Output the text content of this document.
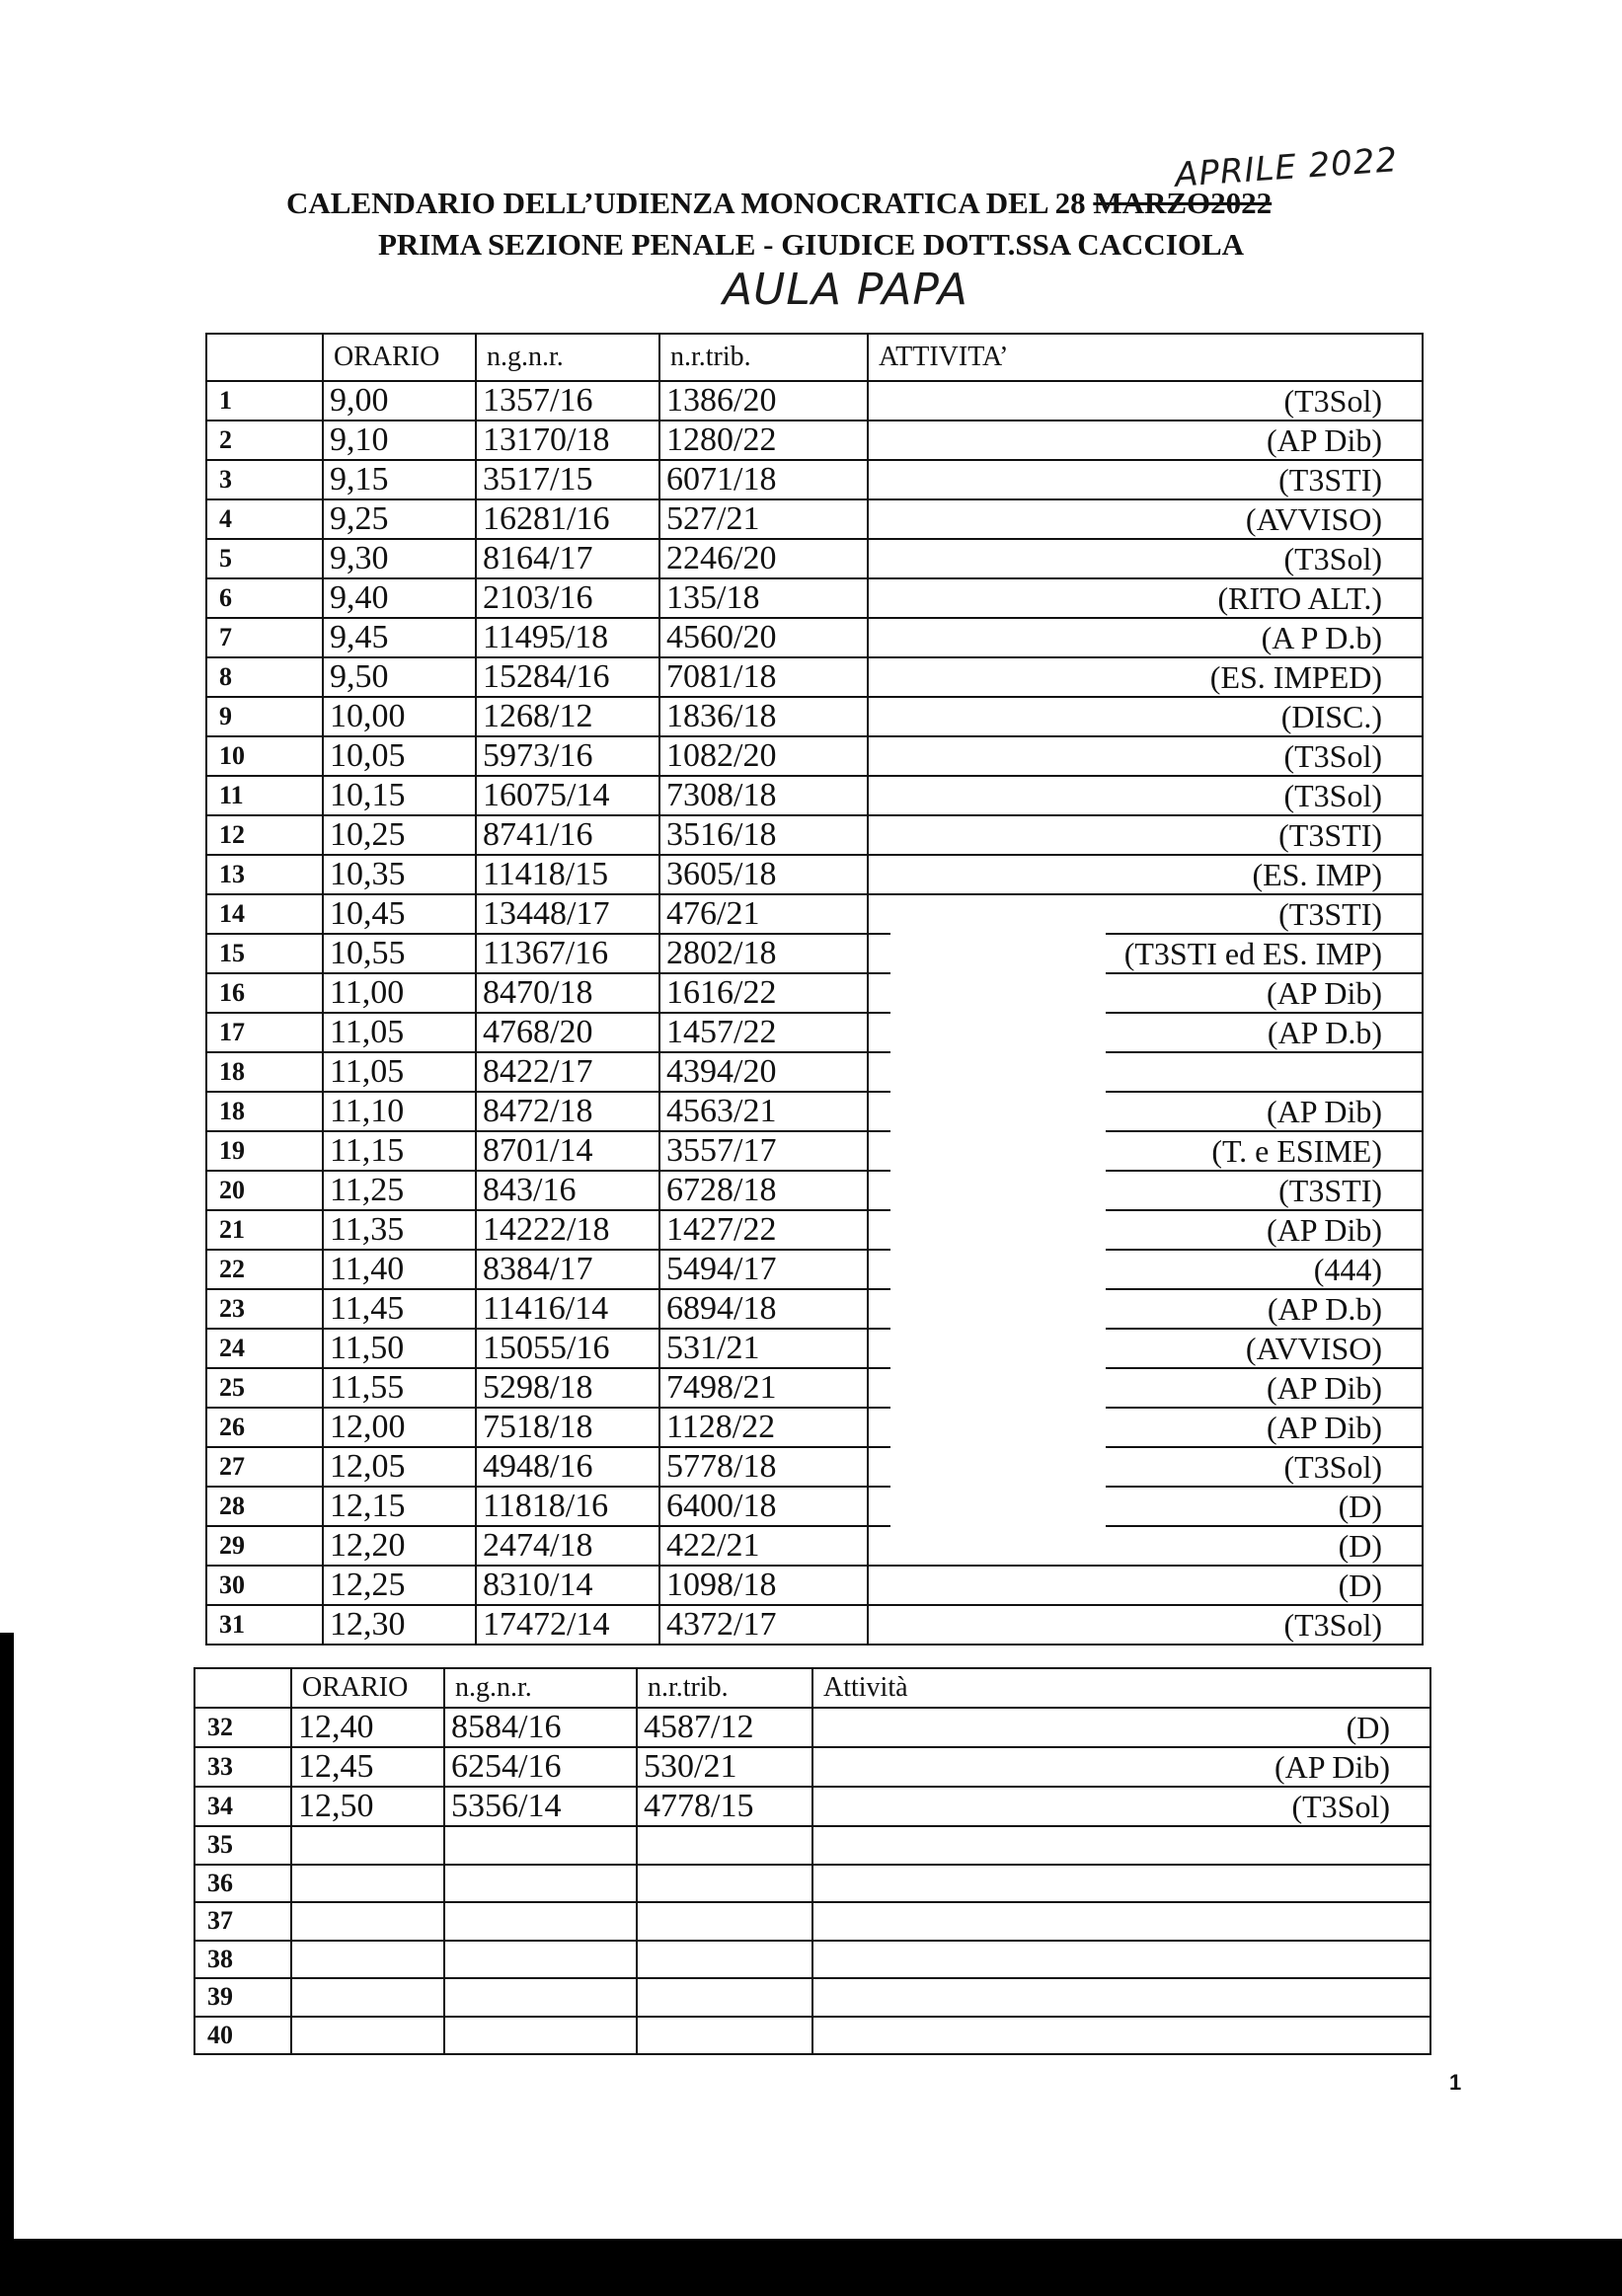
CALENDARIO DELL’UDIENZA MONOCRATICA DEL 28 MARZO2022
APRILE 2022
PRIMA SEZIONE PENALE - GIUDICE DOTT.SSA CACCIOLA
AULA PAPA
	ORARIO	n.g.n.r.	n.r.trib.	ATTIVITA’
1	9,00	1357/16	1386/20	(T3Sol)
2	9,10	13170/18	1280/22	(AP Dib)
3	9,15	3517/15	6071/18	(T3STI)
4	9,25	16281/16	527/21	(AVVISO)
5	9,30	8164/17	2246/20	(T3Sol)
6	9,40	2103/16	135/18	(RITO ALT.)
7	9,45	11495/18	4560/20	(A P D.b)
8	9,50	15284/16	7081/18	(ES. IMPED)
9	10,00	1268/12	1836/18	(DISC.)
10	10,05	5973/16	1082/20	(T3Sol)
11	10,15	16075/14	7308/18	(T3Sol)
12	10,25	8741/16	3516/18	(T3STI)
13	10,35	11418/15	3605/18	(ES. IMP)
14	10,45	13448/17	476/21	(T3STI)
15	10,55	11367/16	2802/18	(T3STI ed ES. IMP)
16	11,00	8470/18	1616/22	(AP Dib)
17	11,05	4768/20	1457/22	(AP D.b)
18	11,05	8422/17	4394/20	
18	11,10	8472/18	4563/21	(AP Dib)
19	11,15	8701/14	3557/17	(T. e ESIME)
20	11,25	843/16	6728/18	(T3STI)
21	11,35	14222/18	1427/22	(AP Dib)
22	11,40	8384/17	5494/17	(444)
23	11,45	11416/14	6894/18	(AP D.b)
24	11,50	15055/16	531/21	(AVVISO)
25	11,55	5298/18	7498/21	(AP Dib)
26	12,00	7518/18	1128/22	(AP Dib)
27	12,05	4948/16	5778/18	(T3Sol)
28	12,15	11818/16	6400/18	(D)
29	12,20	2474/18	422/21	(D)
30	12,25	8310/14	1098/18	(D)
31	12,30	17472/14	4372/17	(T3Sol)
	ORARIO	n.g.n.r.	n.r.trib.	Attività
32	12,40	8584/16	4587/12	(D)
33	12,45	6254/16	530/21	(AP Dib)
34	12,50	5356/14	4778/15	(T3Sol)
35				
36				
37				
38				
39				
40				
1
